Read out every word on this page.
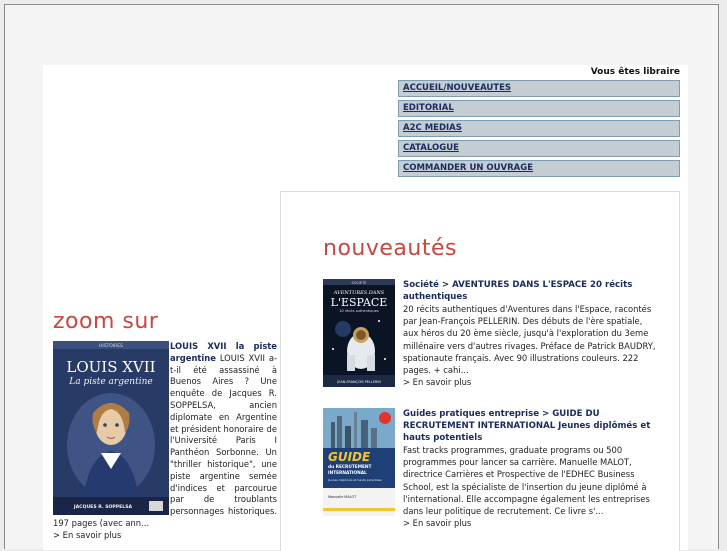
Vous êtes libraire
ACCUEIL/NOUVEAUTES
EDITORIAL
A2C MEDIAS
CATALOGUE
COMMANDER UN OUVRAGE
nouveautés
SOCIÉTÉ
AVENTURES DANS
L'ESPACE
20 récits authentiques
JEAN-FRANÇOIS PELLERIN
Société > AVENTURES DANS L'ESPACE 20 récits authentiques
20 récits authentiques d'Aventures dans l'Espace, racontés par Jean-François PELLERIN. Des débuts de l'ère spatiale, aux héros du 20 ème siècle, jusqu'à l'exploration du 3eme millénaire vers d'autres rivages. Préface de Patrick BAUDRY, spationaute français. Avec 90 illustrations couleurs. 222 pages. + cahi...
> En savoir plus
GUIDE
du RECRUTEMENT
INTERNATIONAL
Jeunes diplômés et hauts potentiels
Manuelle MALOT
Guides pratiques entreprise > GUIDE DU RECRUTEMENT INTERNATIONAL Jeunes diplômés et hauts potentiels
Fast tracks programmes, graduate programs ou 500 programmes pour lancer sa carrière. Manuelle MALOT, directrice Carrières et Prospective de l'EDHEC Business School, est la spécialiste de l'insertion du jeune diplômé à l'international. Elle accompagne également les entreprises dans leur politique de recrutement. Ce livre s'...
> En savoir plus
zoom sur
HISTOIRES
LOUIS XVII
La piste argentine
JACQUES R. SOPPELSA
LOUIS XVII la piste argentine LOUIS XVII a-t-il été assassiné à Buenos Aires ? Une enquête de Jacques R. SOPPELSA, ancien diplomate en Argentine et président honoraire de l'Université Paris I Panthéon Sorbonne. Un "thriller historique", une piste argentine semée d'indices et parcourue par de troublants personnages historiques. 197 pages (avec ann...
> En savoir plus
